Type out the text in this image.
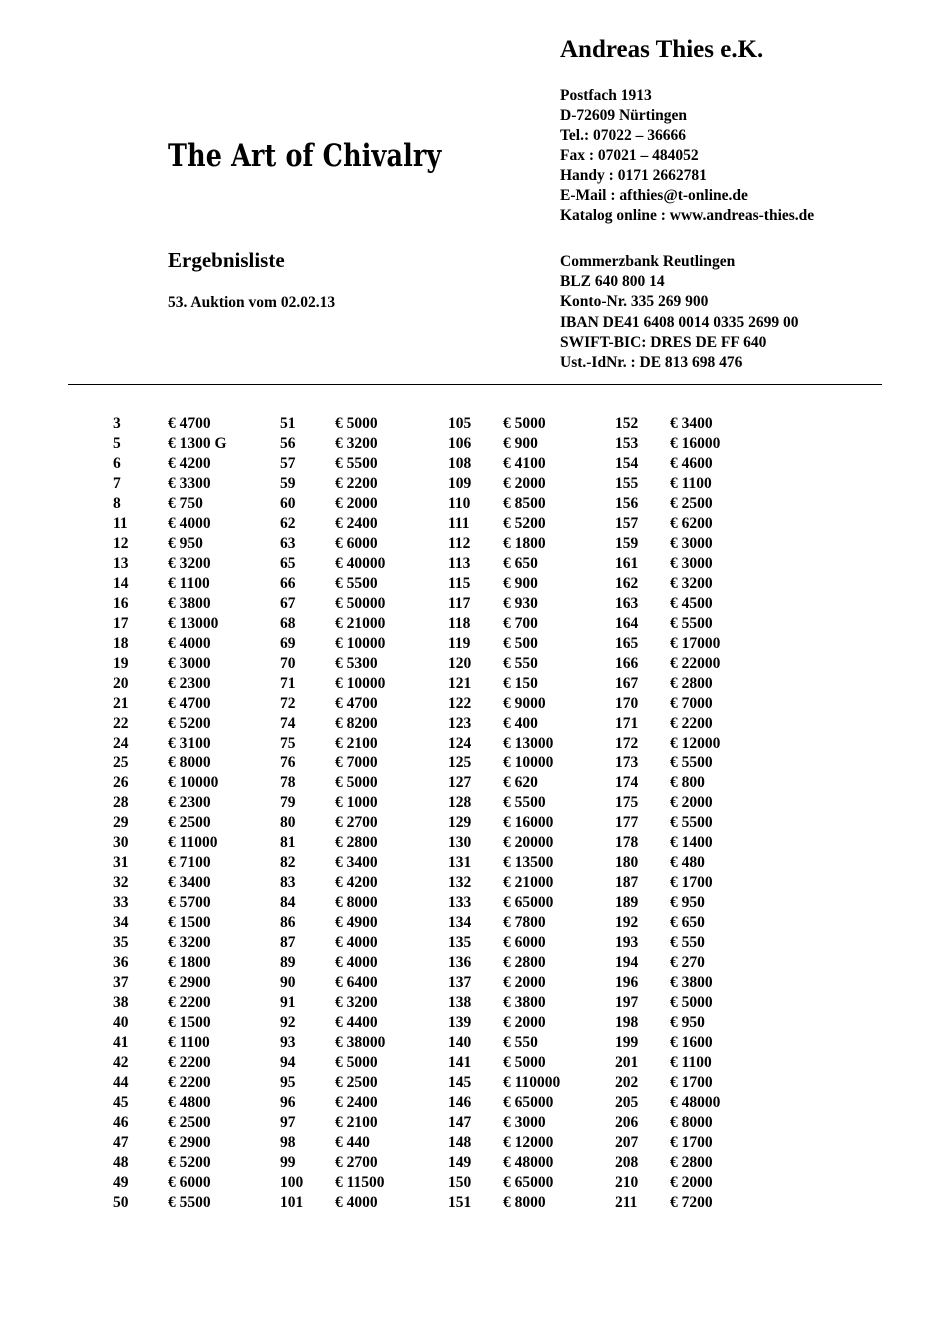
Andreas Thies e.K.
Postfach 1913
D-72609 Nürtingen
Tel.: 07022 – 36666
Fax : 07021 – 484052
Handy : 0171 2662781
E-Mail : afthies@t-online.de
Katalog online : www.andreas-thies.de
The Art of Chivalry
Ergebnisliste
53. Auktion vom 02.02.13
Commerzbank Reutlingen
BLZ 640 800 14
Konto-Nr. 335 269 900
IBAN DE41 6408 0014 0335 2699 00
SWIFT-BIC: DRES DE FF 640
Ust.-IdNr. : DE 813 698 476
3	€ 4700
5	€ 1300 G
6	€ 4200
7	€ 3300
8	€ 750
11	€ 4000
12	€ 950
13	€ 3200
14	€ 1100
16	€ 3800
17	€ 13000
18	€ 4000
19	€ 3000
20	€ 2300
21	€ 4700
22	€ 5200
24	€ 3100
25	€ 8000
26	€ 10000
28	€ 2300
29	€ 2500
30	€ 11000
31	€ 7100
32	€ 3400
33	€ 5700
34	€ 1500
35	€ 3200
36	€ 1800
37	€ 2900
38	€ 2200
40	€ 1500
41	€ 1100
42	€ 2200
44	€ 2200
45	€ 4800
46	€ 2500
47	€ 2900
48	€ 5200
49	€ 6000
50	€ 5500
51	€ 5000
56	€ 3200
57	€ 5500
59	€ 2200
60	€ 2000
62	€ 2400
63	€ 6000
65	€ 40000
66	€ 5500
67	€ 50000
68	€ 21000
69	€ 10000
70	€ 5300
71	€ 10000
72	€ 4700
74	€ 8200
75	€ 2100
76	€ 7000
78	€ 5000
79	€ 1000
80	€ 2700
81	€ 2800
82	€ 3400
83	€ 4200
84	€ 8000
86	€ 4900
87	€ 4000
89	€ 4000
90	€ 6400
91	€ 3200
92	€ 4400
93	€ 38000
94	€ 5000
95	€ 2500
96	€ 2400
97	€ 2100
98	€ 440
99	€ 2700
100 € 11500
101 € 4000
105 € 5000
106 € 900
108 € 4100
109 € 2000
110 € 8500
111 € 5200
112 € 1800
113 € 650
115 € 900
117 € 930
118 € 700
119 € 500
120 € 550
121 € 150
122 € 9000
123 € 400
124 € 13000
125 € 10000
127 € 620
128 € 5500
129 € 16000
130 € 20000
131 € 13500
132 € 21000
133 € 65000
134 € 7800
135 € 6000
136 € 2800
137 € 2000
138 € 3800
139 € 2000
140 € 550
141 € 5000
145 € 110000
146 € 65000
147 € 3000
148 € 12000
149 € 48000
150 € 65000
151 € 8000
152 € 3400
153 € 16000
154 € 4600
155 € 1100
156 € 2500
157 € 6200
159 € 3000
161 € 3000
162 € 3200
163 € 4500
164 € 5500
165 € 17000
166 € 22000
167 € 2800
170 € 7000
171 € 2200
172 € 12000
173 € 5500
174 € 800
175 € 2000
177 € 5500
178 € 1400
180 € 480
187 € 1700
189 € 950
192 € 650
193 € 550
194 € 270
196 € 3800
197 € 5000
198 € 950
199 € 1600
201 € 1100
202 € 1700
205 € 48000
206 € 8000
207 € 1700
208 € 2800
210 € 2000
211 € 7200
